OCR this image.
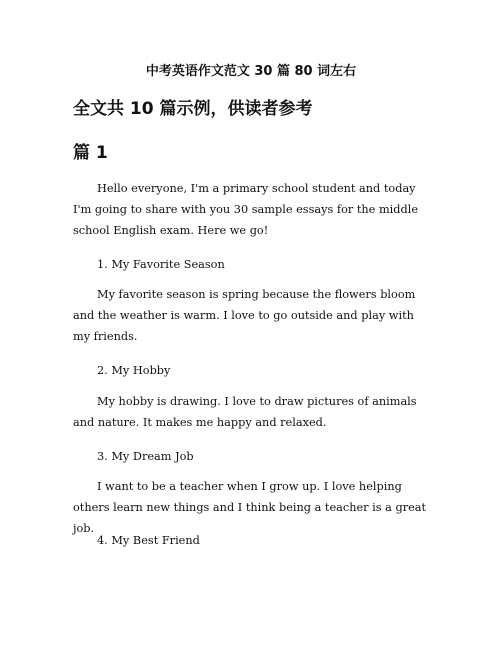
中考英语作文范文 30 篇 80 词左右
全文共 10 篇示例，供读者参考
篇 1

Hello everyone, I'm a primary school student and today I'm going to share with you 30 sample essays for the middle school English exam. Here we go!

1. My Favorite Season

My favorite season is spring because the flowers bloom and the weather is warm. I love to go outside and play with my friends.

2. My Hobby

My hobby is drawing. I love to draw pictures of animals and nature. It makes me happy and relaxed.

3. My Dream Job

I want to be a teacher when I grow up. I love helping others learn new things and I think being a teacher is a great job.

4. My Best Friend
